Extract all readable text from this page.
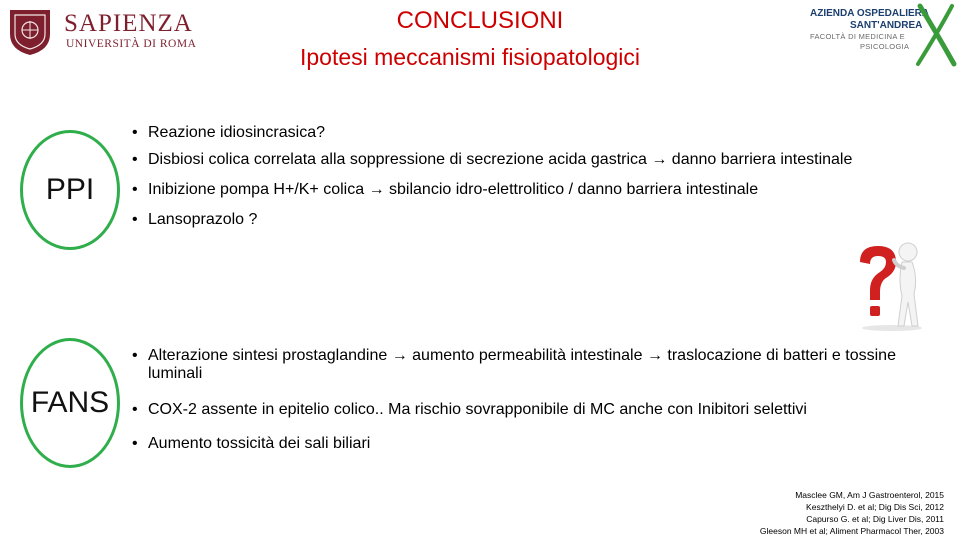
SAPIENZA
UNIVERSITÀ DI ROMA
CONCLUSIONI
Ipotesi meccanismi fisiopatologici
AZIENDA OSPEDALIERA
SANT'ANDREA
FACOLTÀ DI MEDICINA E
PSICOLOGIA
PPI
• Reazione idiosincrasica?
• Disbiosi colica correlata alla soppressione di secrezione acida gastrica → danno barriera intestinale
• Inibizione pompa H+/K+ colica → sbilancio idro-elettrolitico / danno barriera intestinale
• Lansoprazolo ?
FANS
• Alterazione sintesi prostaglandine → aumento permeabilità intestinale → traslocazione di batteri e tossine luminali
• COX-2 assente in epitelio colico.. Ma rischio sovrapponibile di MC anche con Inibitori selettivi
• Aumento tossicità dei sali biliari
Masclee GM, Am J Gastroenterol, 2015
Keszthelyi D. et al; Dig Dis Sci, 2012
Capurso G. et al; Dig Liver Dis, 2011
Gleeson MH et al; Aliment Pharmacol Ther, 2003
